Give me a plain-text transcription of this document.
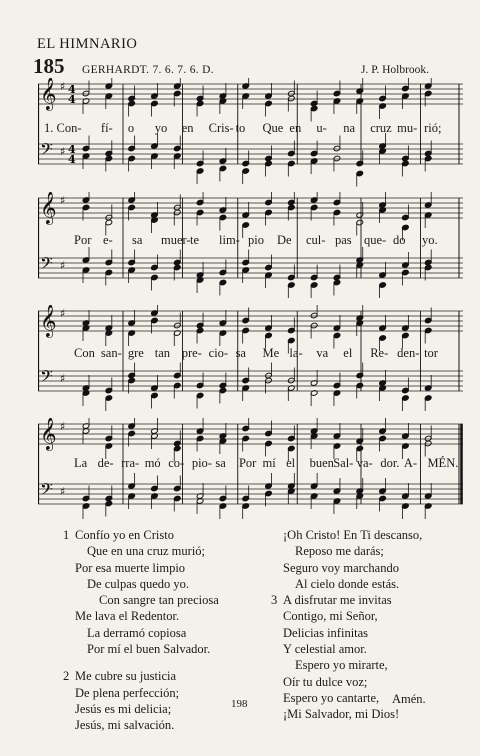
EL HIMNARIO
185 GERHARDT. 7. 6. 7. 6. D.	J. P. Holbrook.
𝄞 ♯ 4
4
𝄢 ♯ 4
4
1. Con- fí- o yo en Cris- to Que en u- na cruz mu- rió;
𝄞 ♯
𝄢 ♯
Por e- sa muer- te lim- pio De cul- pas que- do yo.
𝄞 ♯
𝄢 ♯
Con san- gre tan pre- cio- sa Me la- va el Re- den- tor
𝄞 ♯
𝄢 ♯
La de- rra- mó co- pio- sa Por mí el buen Sal- va- dor. A- MÉN.

1 Confío yo en Cristo

Que en una cruz murió;

Por esa muerte limpio

De culpas quedo yo.

Con sangre tan preciosa

Me lava el Redentor.

La derramó copiosa

Por mí el buen Salvador.

2 Me cubre su justicia

De plena perfección;

Jesús es mi delicia;

Jesús, mi salvación.

¡Oh Cristo! En Ti descanso,

Reposo me darás;

Seguro voy marchando

Al cielo donde estás.

3 A disfrutar me invitas

Contigo, mi Señor,

Delicias infinitas

Y celestial amor.

Espero yo mirarte,

Oír tu dulce voz;

Espero yo cantarte,

¡Mi Salvador, mi Dios!

Amén.
198
